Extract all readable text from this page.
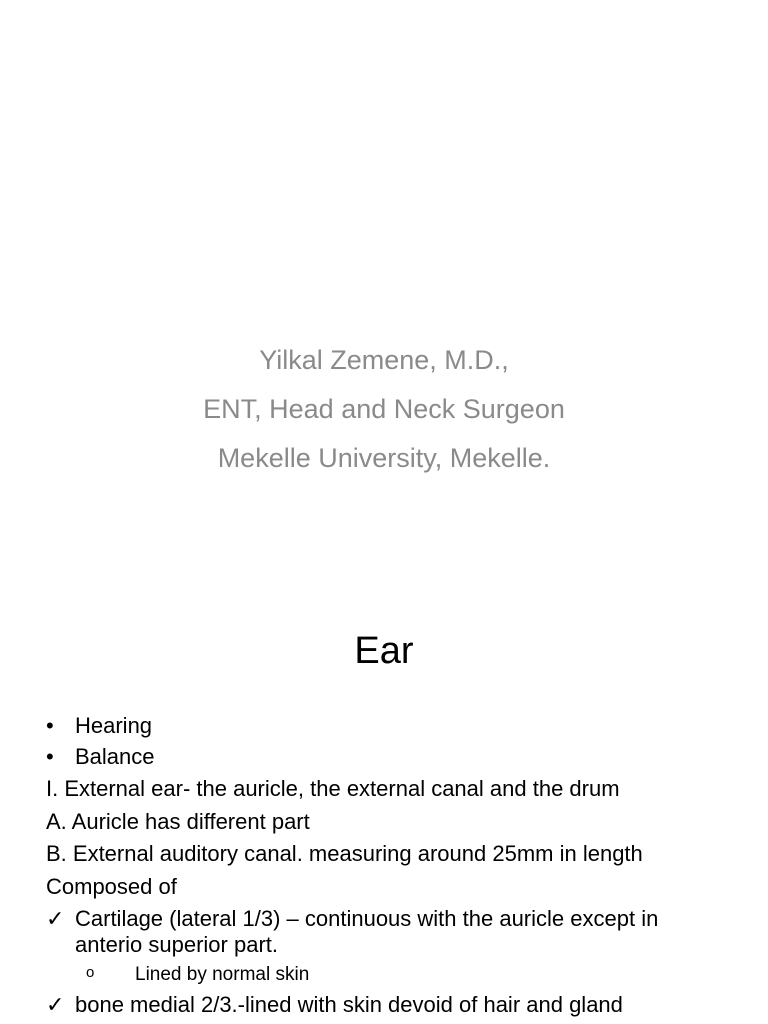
Yilkal Zemene, M.D.,
ENT, Head and Neck Surgeon
Mekelle University, Mekelle.
Ear
• Hearing
• Balance
I. External ear- the auricle, the external canal and the drum
A. Auricle has different part
B. External auditory canal. measuring around 25mm in length
Composed of
✓ Cartilage (lateral 1/3) – continuous with the auricle except in anterio superior part.
o Lined by normal skin
✓ bone medial 2/3.-lined with skin devoid of hair and gland
